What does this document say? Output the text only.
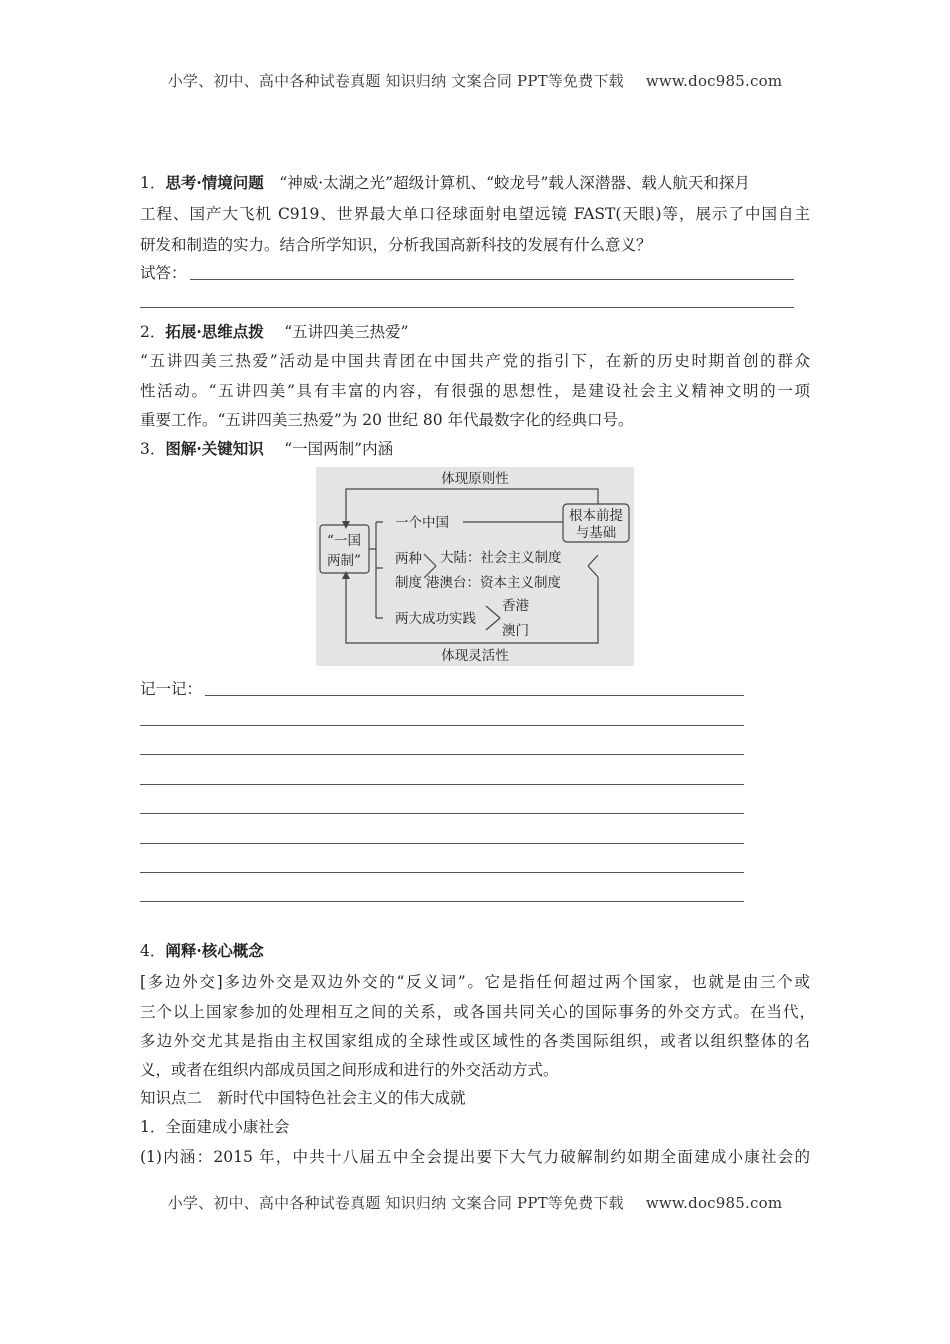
小学、初中、高中各种试卷真题 知识归纳 文案合同 PPT等免费下载 www.doc985.com
1．思考·情境问题　 “神威·太湖之光”超级计算机、“蛟龙号”载人深潜器、载人航天和探月
工程、国产大飞机 C919、世界最大单口径球面射电望远镜 FAST(天眼)等，展示了中国自主
研发和制造的实力。结合所学知识，分析我国高新科技的发展有什么意义？
试答：
2．拓展·思维点拨　 “五讲四美三热爱”
“五讲四美三热爱”活动是中国共青团在中国共产党的指引下，在新的历史时期首创的群众
性活动。“五讲四美”具有丰富的内容，有很强的思想性，是建设社会主义精神文明的一项
重要工作。“五讲四美三热爱”为 20 世纪 80 年代最数字化的经典口号。
3．图解·关键知识　 “一国两制”内涵
体现原则性
体现灵活性
“一国
两制”
一个中国	根本前提
与基础
两种
制度
大陆：社会主义制度
港澳台：资本主义制度
两大成功实践
香港
澳门
记一记：
4．阐释·核心概念
[多边外交]多边外交是双边外交的“反义词”。它是指任何超过两个国家，也就是由三个或
三个以上国家参加的处理相互之间的关系，或各国共同关心的国际事务的外交方式。在当代，
多边外交尤其是指由主权国家组成的全球性或区域性的各类国际组织，或者以组织整体的名
义，或者在组织内部成员国之间形成和进行的外交活动方式。
知识点二　新时代中国特色社会主义的伟大成就
1．全面建成小康社会
(1)内涵：2015 年，中共十八届五中全会提出要下大气力破解制约如期全面建成小康社会的
小学、初中、高中各种试卷真题 知识归纳 文案合同 PPT等免费下载 www.doc985.com
